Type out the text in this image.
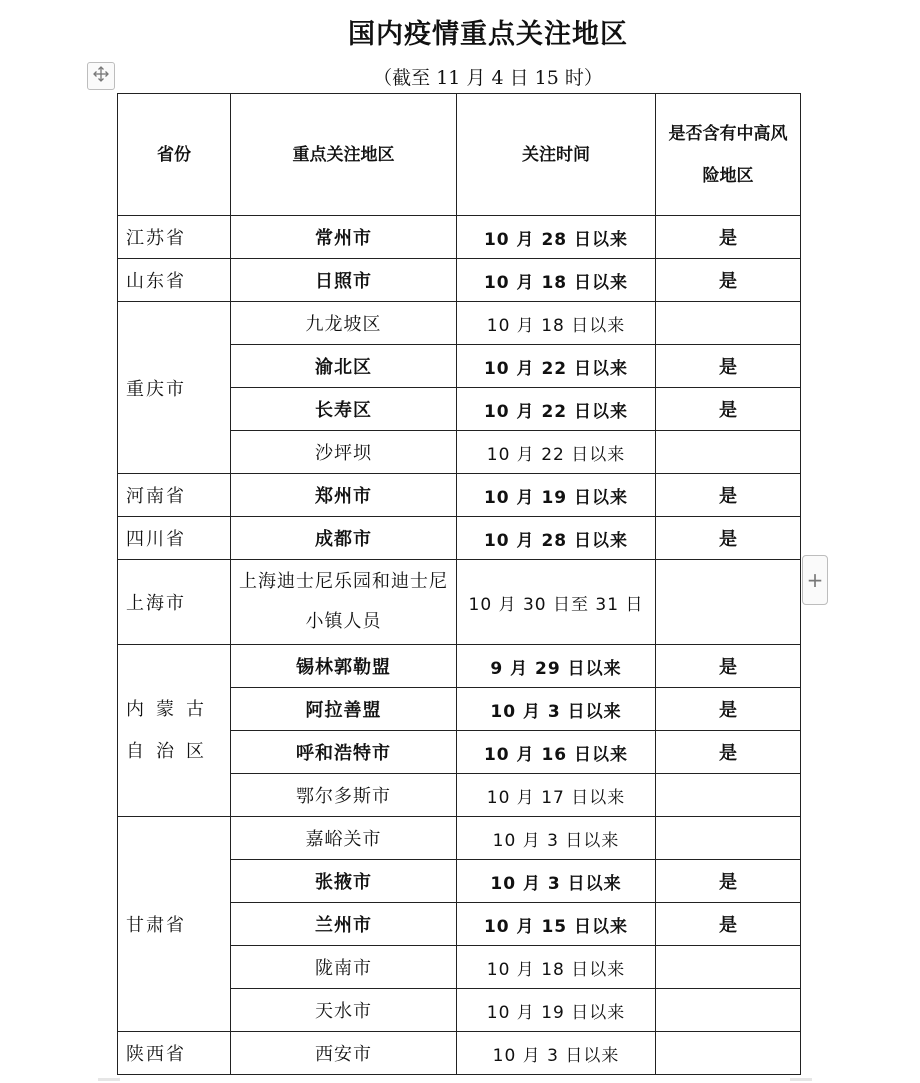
国内疫情重点关注地区
（截至 11 月 4 日 15 时）
+
省份	重点关注地区	关注时间	是否含有中高风险地区
江苏省	常州市	10 月 28 日以来	是
山东省	日照市	10 月 18 日以来	是
重庆市	九龙坡区	10 月 18 日以来	
	渝北区	10 月 22 日以来	是
	长寿区	10 月 22 日以来	是
	沙坪坝	10 月 22 日以来	
河南省	郑州市	10 月 19 日以来	是
四川省	成都市	10 月 28 日以来	是
上海市	上海迪士尼乐园和迪士尼小镇人员	10 月 30 日至 31 日	
内蒙古自治区	锡林郭勒盟	9 月 29 日以来	是
	阿拉善盟	10 月 3 日以来	是
	呼和浩特市	10 月 16 日以来	是
	鄂尔多斯市	10 月 17 日以来	
甘肃省	嘉峪关市	10 月 3 日以来	
	张掖市	10 月 3 日以来	是
	兰州市	10 月 15 日以来	是
	陇南市	10 月 18 日以来	
	天水市	10 月 19 日以来	
陕西省	西安市	10 月 3 日以来	
